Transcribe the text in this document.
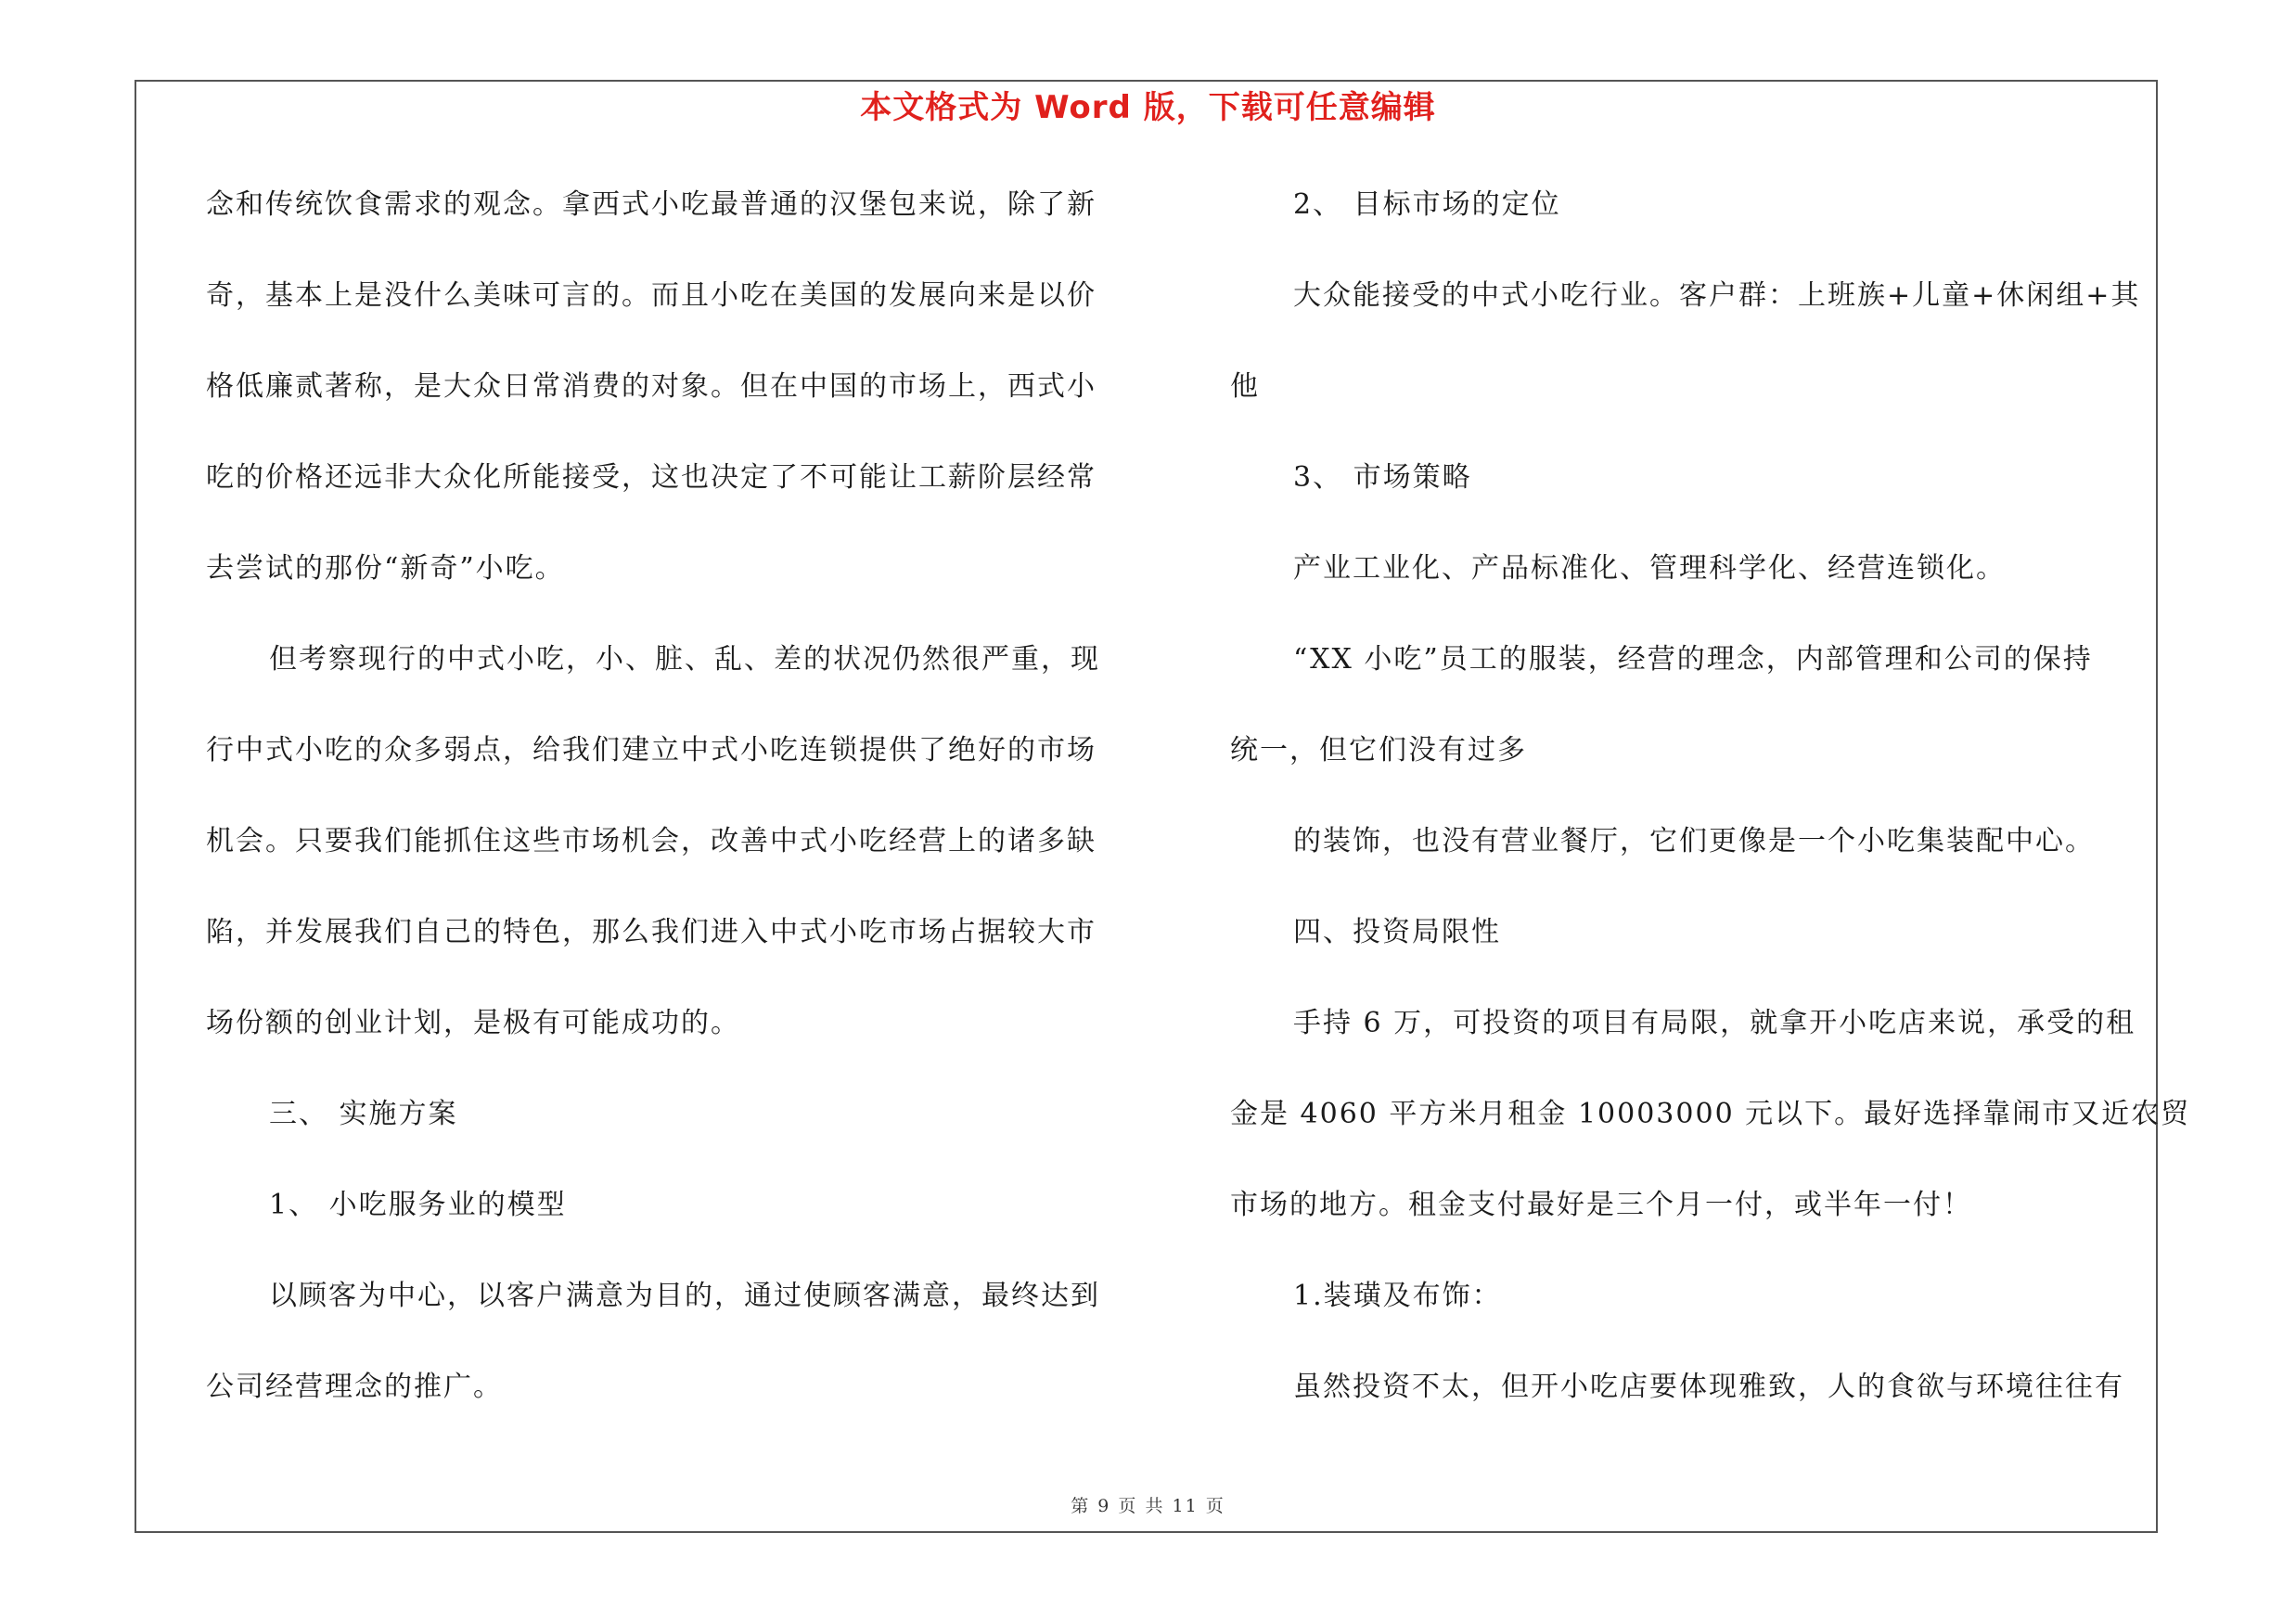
本文格式为 Word 版，下载可任意编辑
念和传统饮食需求的观念。拿西式小吃最普通的汉堡包来说，除了新
奇，基本上是没什么美味可言的。而且小吃在美国的发展向来是以价
格低廉贰著称，是大众日常消费的对象。但在中国的市场上，西式小
吃的价格还远非大众化所能接受，这也决定了不可能让工薪阶层经常
去尝试的那份“新奇”小吃。
但考察现行的中式小吃，小、脏、乱、差的状况仍然很严重，现
行中式小吃的众多弱点，给我们建立中式小吃连锁提供了绝好的市场
机会。只要我们能抓住这些市场机会，改善中式小吃经营上的诸多缺
陷，并发展我们自己的特色，那么我们进入中式小吃市场占据较大市
场份额的创业计划，是极有可能成功的。
三、 实施方案
1、 小吃服务业的模型
以顾客为中心，以客户满意为目的，通过使顾客满意，最终达到
公司经营理念的推广。
2、 目标市场的定位
大众能接受的中式小吃行业。客户群：上班族+儿童+休闲组+其
他
3、 市场策略
产业工业化、产品标准化、管理科学化、经营连锁化。
“XX 小吃”员工的服装，经营的理念，内部管理和公司的保持
统一，但它们没有过多
的装饰，也没有营业餐厅，它们更像是一个小吃集装配中心。
四、投资局限性
手持 6 万，可投资的项目有局限，就拿开小吃店来说，承受的租
金是 4060 平方米月租金 10003000 元以下。最好选择靠闹市又近农贸
市场的地方。租金支付最好是三个月一付，或半年一付！
1.装璜及布饰：
虽然投资不太，但开小吃店要体现雅致，人的食欲与环境往往有
第 9 页 共 11 页
